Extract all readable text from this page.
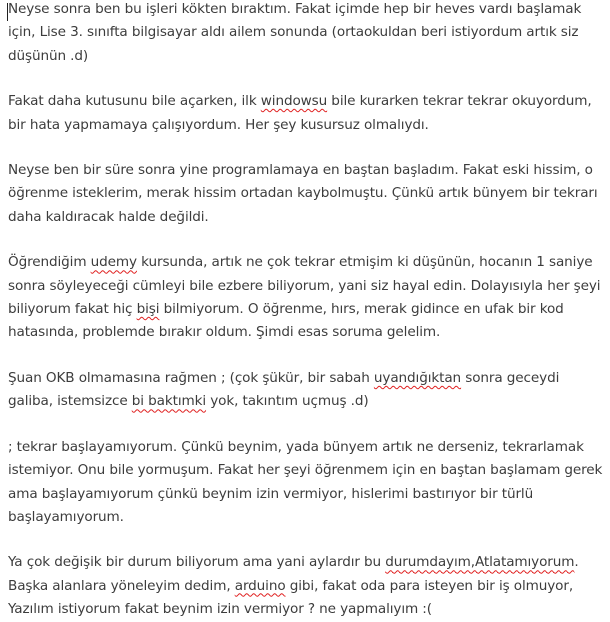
Neyse sonra ben bu işleri kökten bıraktım. Fakat içimde hep bir heves vardı başlamak için, Lise 3. sınıfta bilgisayar aldı ailem sonunda (ortaokuldan beri istiyordum artık siz düşünün .d)

Fakat daha kutusunu bile açarken, ilk windowsu bile kurarken tekrar tekrar okuyordum, bir hata yapmamaya çalışıyordum. Her şey kusursuz olmalıydı.

Neyse ben bir süre sonra yine programlamaya en baştan başladım. Fakat eski hissim, o öğrenme isteklerim, merak hissim ortadan kaybolmuştu. Çünkü artık bünyem bir tekrarı daha kaldıracak halde değildi.

Öğrendiğim udemy kursunda, artık ne çok tekrar etmişim ki düşünün, hocanın 1 saniye sonra söyleyeceği cümleyi bile ezbere biliyorum, yani siz hayal edin. Dolayısıyla her şeyi biliyorum fakat hiç bişi bilmiyorum. O öğrenme, hırs, merak gidince en ufak bir kod hatasında, problemde bırakır oldum. Şimdi esas soruma gelelim.

Şuan OKB olmamasına rağmen ; (çok şükür, bir sabah uyandığıktan sonra geceydi galiba, istemsizce bi baktımki yok, takıntım uçmuş .d)

; tekrar başlayamıyorum. Çünkü beynim, yada bünyem artık ne derseniz, tekrarlamak istemiyor. Onu bile yormuşum. Fakat her şeyi öğrenmem için en baştan başlamam gerek ama başlayamıyorum çünkü beynim izin vermiyor, hislerimi bastırıyor bir türlü başlayamıyorum.

Ya çok değişik bir durum biliyorum ama yani aylardır bu durumdayım,Atlatamıyorum. Başka alanlara yöneleyim dedim, arduino gibi, fakat oda para isteyen bir iş olmuyor, Yazılım istiyorum fakat beynim izin vermiyor ? ne yapmalıyım :(
